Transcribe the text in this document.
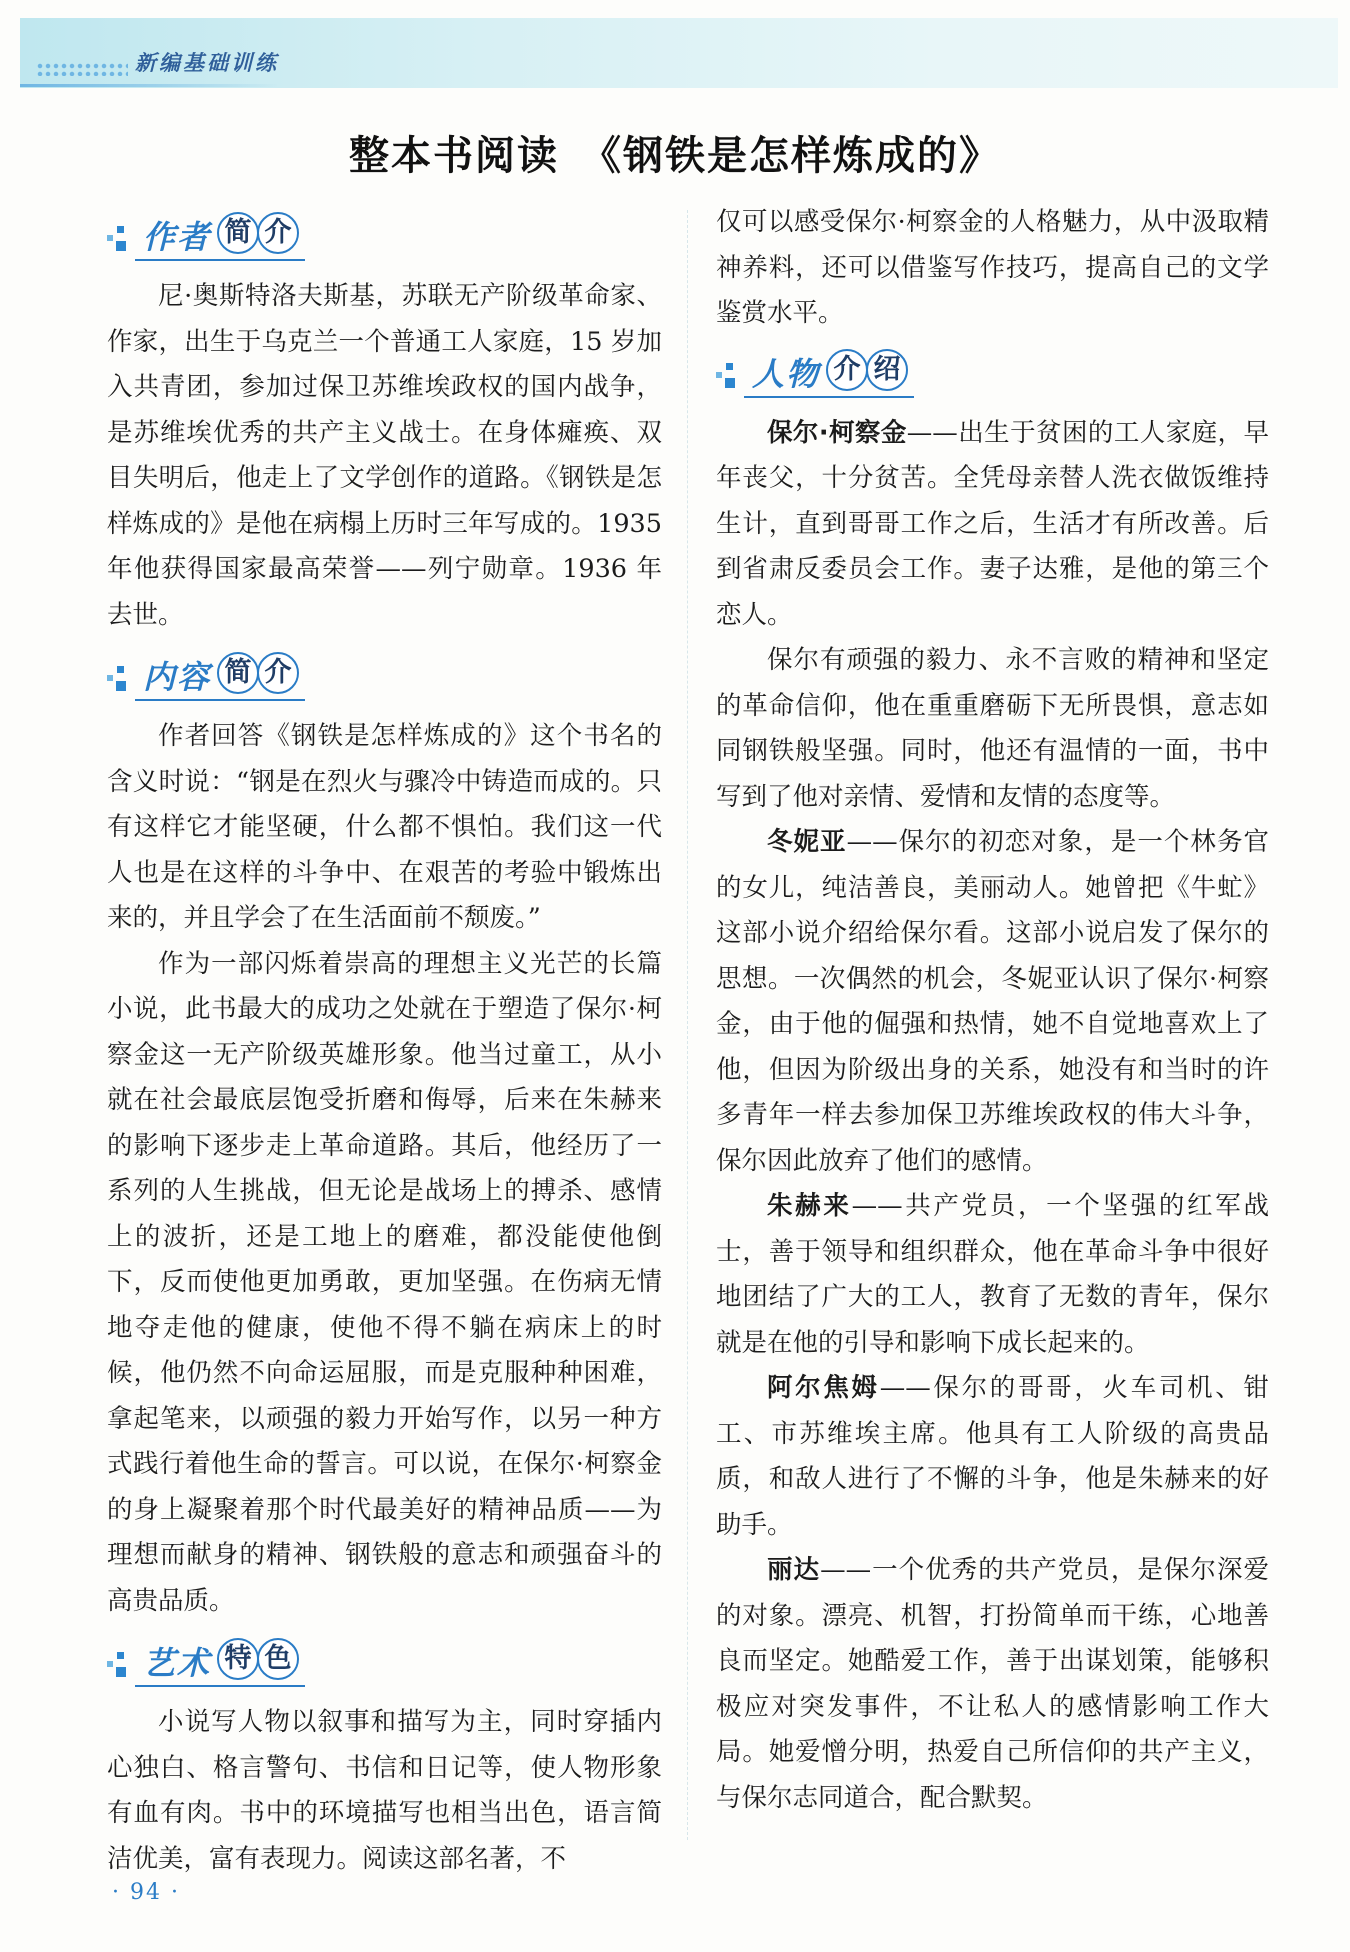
新编基础训练
整本书阅读　《钢铁是怎样炼成的》
作者 简 介

尼·奥斯特洛夫斯基，苏联无产阶级革命家、作家，出生于乌克兰一个普通工人家庭，15 岁加入共青团，参加过保卫苏维埃政权的国内战争，是苏维埃优秀的共产主义战士。在身体瘫痪、双目失明后，他走上了文学创作的道路。《钢铁是怎样炼成的》是他在病榻上历时三年写成的。1935 年他获得国家最高荣誉——列宁勋章。1936 年去世。

内容 简 介

作者回答《钢铁是怎样炼成的》这个书名的含义时说：“钢是在烈火与骤冷中铸造而成的。只有这样它才能坚硬，什么都不惧怕。我们这一代人也是在这样的斗争中、在艰苦的考验中锻炼出来的，并且学会了在生活面前不颓废。”

作为一部闪烁着崇高的理想主义光芒的长篇小说，此书最大的成功之处就在于塑造了保尔·柯察金这一无产阶级英雄形象。他当过童工，从小就在社会最底层饱受折磨和侮辱，后来在朱赫来的影响下逐步走上革命道路。其后，他经历了一系列的人生挑战，但无论是战场上的搏杀、感情上的波折，还是工地上的磨难，都没能使他倒下，反而使他更加勇敢，更加坚强。在伤病无情地夺走他的健康，使他不得不躺在病床上的时候，他仍然不向命运屈服，而是克服种种困难，拿起笔来，以顽强的毅力开始写作，以另一种方式践行着他生命的誓言。可以说，在保尔·柯察金的身上凝聚着那个时代最美好的精神品质——为理想而献身的精神、钢铁般的意志和顽强奋斗的高贵品质。

艺术 特 色

小说写人物以叙事和描写为主，同时穿插内心独白、格言警句、书信和日记等，使人物形象有血有肉。书中的环境描写也相当出色，语言简洁优美，富有表现力。阅读这部名著，不

仅可以感受保尔·柯察金的人格魅力，从中汲取精神养料，还可以借鉴写作技巧，提高自己的文学鉴赏水平。

人物 介 绍

保尔·柯察金——出生于贫困的工人家庭，早年丧父，十分贫苦。全凭母亲替人洗衣做饭维持生计，直到哥哥工作之后，生活才有所改善。后到省肃反委员会工作。妻子达雅，是他的第三个恋人。

保尔有顽强的毅力、永不言败的精神和坚定的革命信仰，他在重重磨砺下无所畏惧，意志如同钢铁般坚强。同时，他还有温情的一面，书中写到了他对亲情、爱情和友情的态度等。

冬妮亚——保尔的初恋对象，是一个林务官的女儿，纯洁善良，美丽动人。她曾把《牛虻》这部小说介绍给保尔看。这部小说启发了保尔的思想。一次偶然的机会，冬妮亚认识了保尔·柯察金，由于他的倔强和热情，她不自觉地喜欢上了他，但因为阶级出身的关系，她没有和当时的许多青年一样去参加保卫苏维埃政权的伟大斗争，保尔因此放弃了他们的感情。

朱赫来——共产党员，一个坚强的红军战士，善于领导和组织群众，他在革命斗争中很好地团结了广大的工人，教育了无数的青年，保尔就是在他的引导和影响下成长起来的。

阿尔焦姆——保尔的哥哥，火车司机、钳工、市苏维埃主席。他具有工人阶级的高贵品质，和敌人进行了不懈的斗争，他是朱赫来的好助手。

丽达——一个优秀的共产党员，是保尔深爱的对象。漂亮、机智，打扮简单而干练，心地善良而坚定。她酷爱工作，善于出谋划策，能够积极应对突发事件，不让私人的感情影响工作大局。她爱憎分明，热爱自己所信仰的共产主义，与保尔志同道合，配合默契。

· 94 ·
